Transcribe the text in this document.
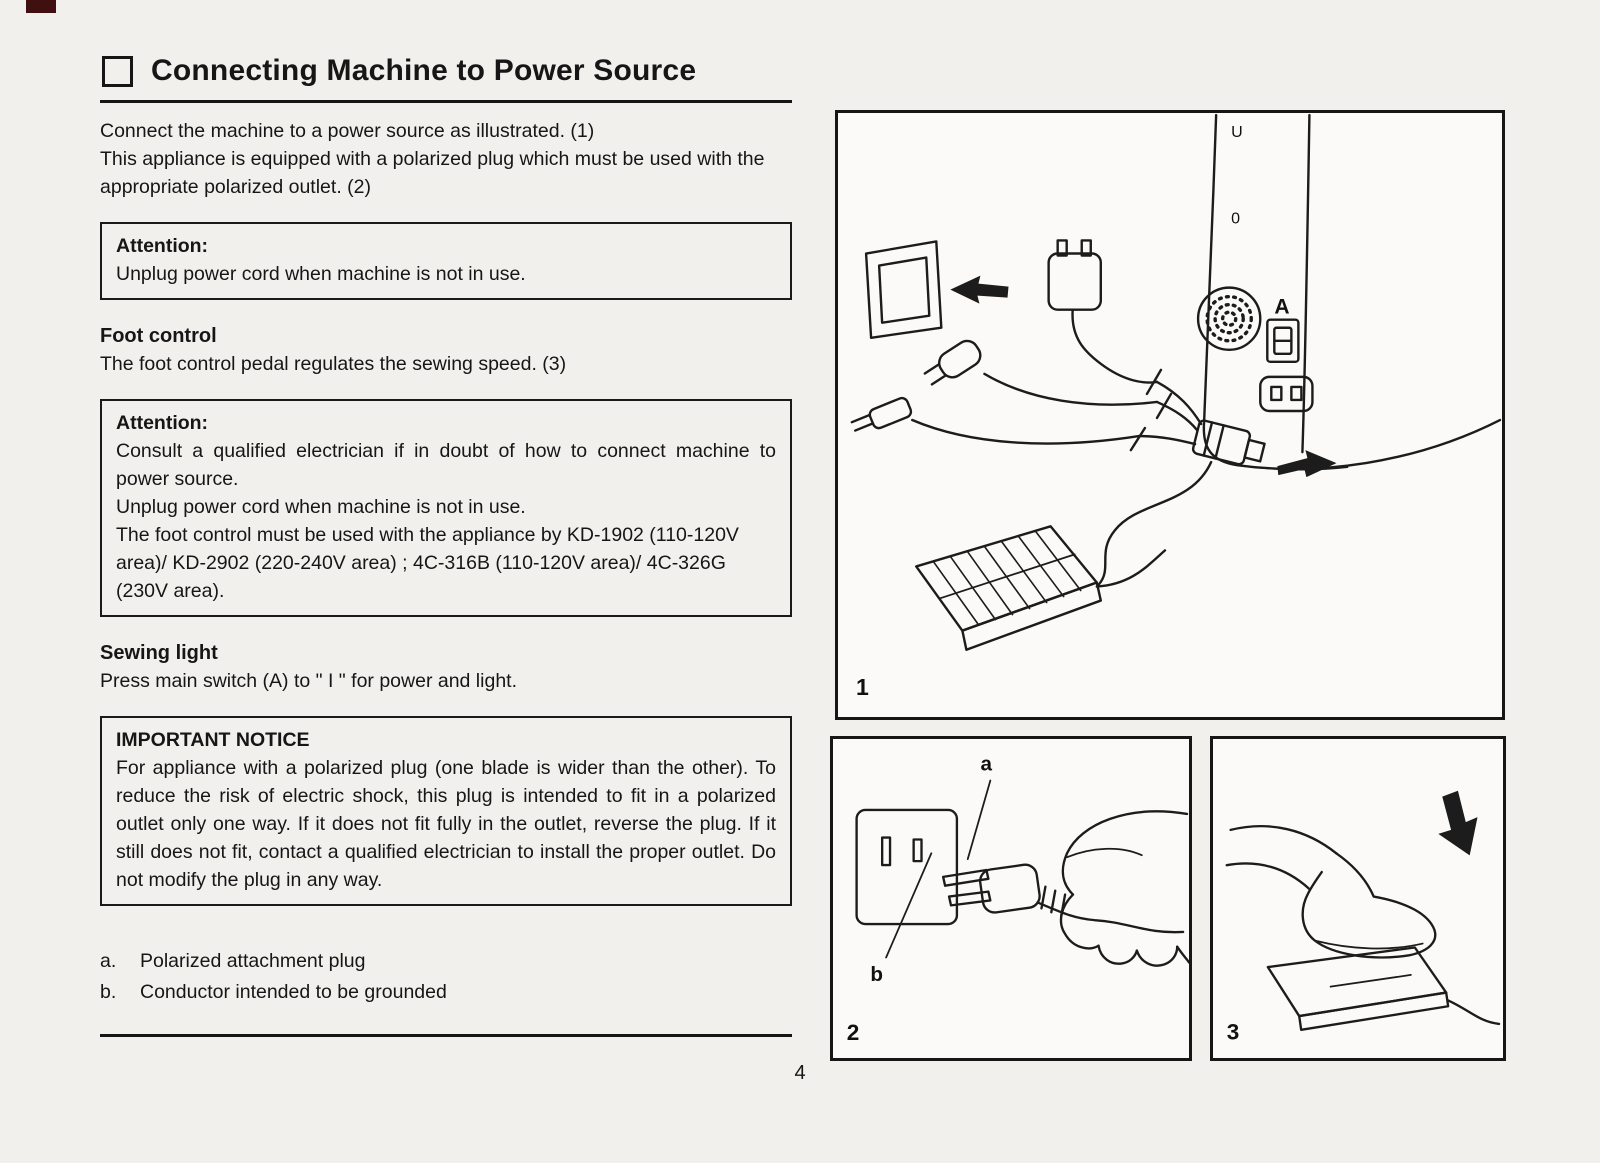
Connecting Machine to Power Source
Connect the machine to a power source as illustrated. (1)
This appliance is equipped with a polarized plug which must be used with the appropriate polarized outlet. (2)
Attention:
Unplug power cord when machine is not in use.
Foot control
The foot control pedal regulates the sewing speed. (3)
Attention:
Consult a qualified electrician if in doubt of how to connect machine to power source.
Unplug power cord when machine is not in use.
The foot control must be used with the appliance by KD-1902 (110-120V area)/ KD-2902 (220-240V area) ; 4C-316B (110-120V area)/ 4C-326G (230V area).
Sewing light
Press main switch (A) to " I " for power and light.
IMPORTANT NOTICE
For appliance with a polarized plug (one blade is wider than the other). To reduce the risk of electric shock, this plug is intended to fit in a polarized outlet only one way. If it does not fit fully in the outlet, reverse the plug. If it still does not fit, contact a qualified electrician to install the proper outlet. Do not modify the plug in any way.
a. Polarized attachment plug
b. Conductor intended to be grounded
4
U
0
A
1
a
b
2	3
